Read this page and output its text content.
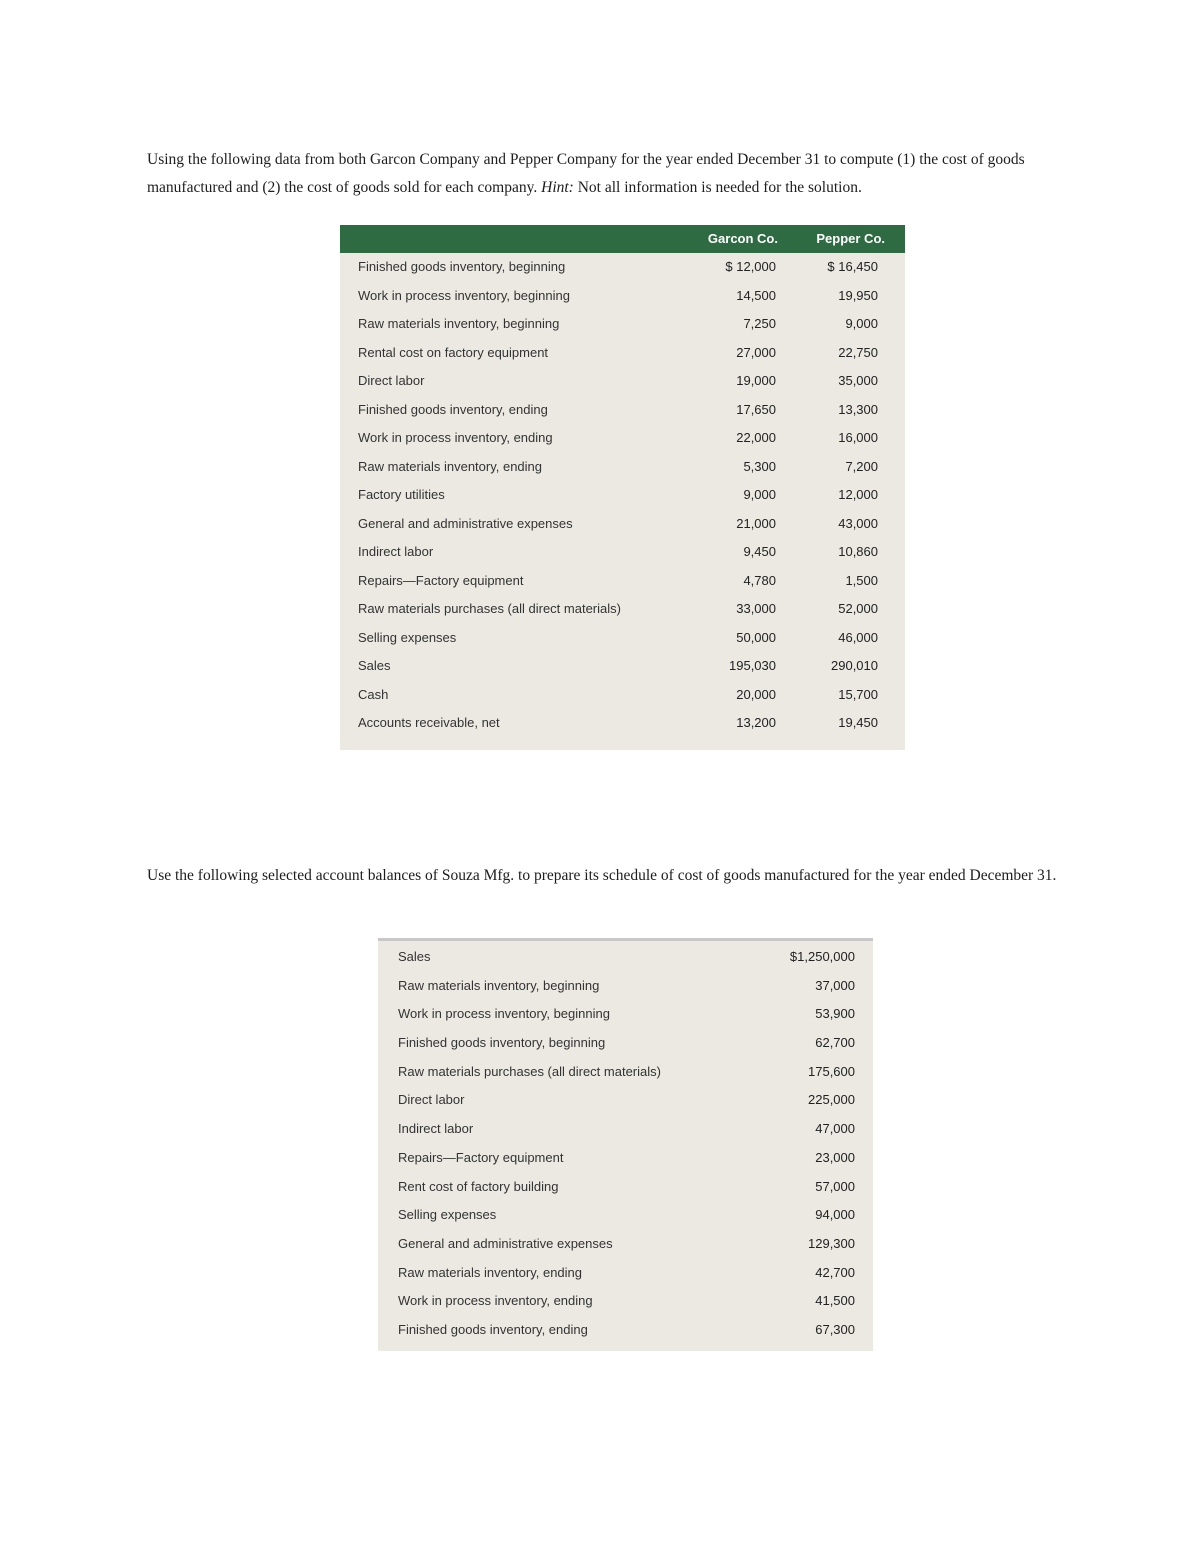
Using the following data from both Garcon Company and Pepper Company for the year ended December 31 to compute (1) the cost of goods manufactured and (2) the cost of goods sold for each company. Hint: Not all information is needed for the solution.
Garcon Co.	Pepper Co.
Finished goods inventory, beginning	$ 12,000	$ 16,450
Work in process inventory, beginning	14,500	19,950
Raw materials inventory, beginning	7,250	9,000
Rental cost on factory equipment	27,000	22,750
Direct labor	19,000	35,000
Finished goods inventory, ending	17,650	13,300
Work in process inventory, ending	22,000	16,000
Raw materials inventory, ending	5,300	7,200
Factory utilities	9,000	12,000
General and administrative expenses	21,000	43,000
Indirect labor	9,450	10,860
Repairs—Factory equipment	4,780	1,500
Raw materials purchases (all direct materials)	33,000	52,000
Selling expenses	50,000	46,000
Sales	195,030	290,010
Cash	20,000	15,700
Accounts receivable, net	13,200	19,450
Use the following selected account balances of Souza Mfg. to prepare its schedule of cost of goods manufactured for the year ended December 31.
Sales	$1,250,000
Raw materials inventory, beginning	37,000
Work in process inventory, beginning	53,900
Finished goods inventory, beginning	62,700
Raw materials purchases (all direct materials)	175,600
Direct labor	225,000
Indirect labor	47,000
Repairs—Factory equipment	23,000
Rent cost of factory building	57,000
Selling expenses	94,000
General and administrative expenses	129,300
Raw materials inventory, ending	42,700
Work in process inventory, ending	41,500
Finished goods inventory, ending	67,300
